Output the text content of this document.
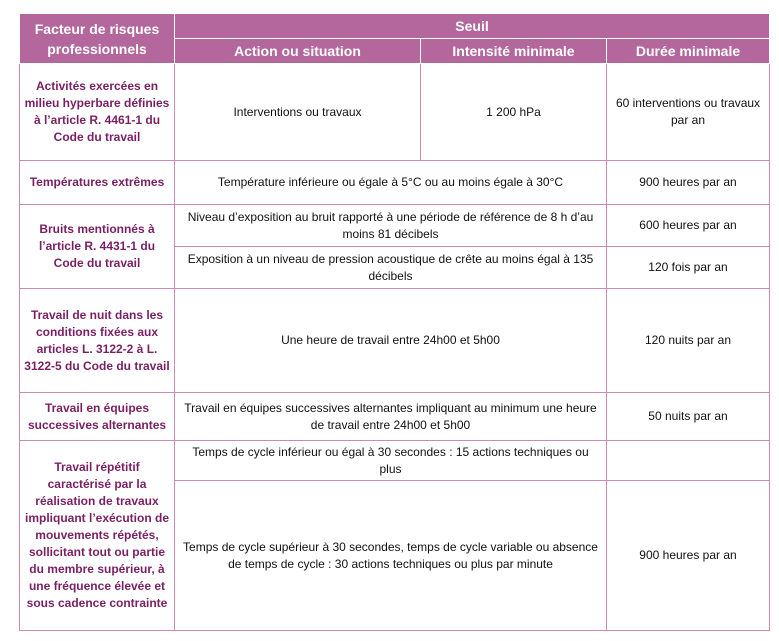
Facteur de risques professionnels	Seuil		
	Action ou situation	Intensité minimale	Durée minimale
Activités exercées en milieu hyperbare définies à l’article R. 4461-1 du Code du travail	Interventions ou travaux	1 200 hPa	60 interventions ou travaux par an
Températures extrêmes	Température inférieure ou égale à 5°C ou au moins égale à 30°C		900 heures par an
Bruits mentionnés à l’article R. 4431-1 du Code du travail	Niveau d’exposition au bruit rapporté à une période de référence de 8 h d’au moins 81 décibels		600 heures par an
	Exposition à un niveau de pression acoustique de crête au moins égal à 135 décibels		120 fois par an
Travail de nuit dans les conditions fixées aux articles L. 3122-2 à L. 3122-5 du Code du travail	Une heure de travail entre 24h00 et 5h00		120 nuits par an
Travail en équipes successives alternantes	Travail en équipes successives alternantes impliquant au minimum une heure de travail entre 24h00 et 5h00		50 nuits par an
Travail répétitif caractérisé par la réalisation de travaux impliquant l’exécution de mouvements répétés, sollicitant tout ou partie du membre supérieur, à une fréquence élevée et sous cadence contrainte	Temps de cycle inférieur ou égal à 30 secondes : 15 actions techniques ou plus		
	Temps de cycle supérieur à 30 secondes, temps de cycle variable ou absence de temps de cycle : 30 actions techniques ou plus par minute		900 heures par an
